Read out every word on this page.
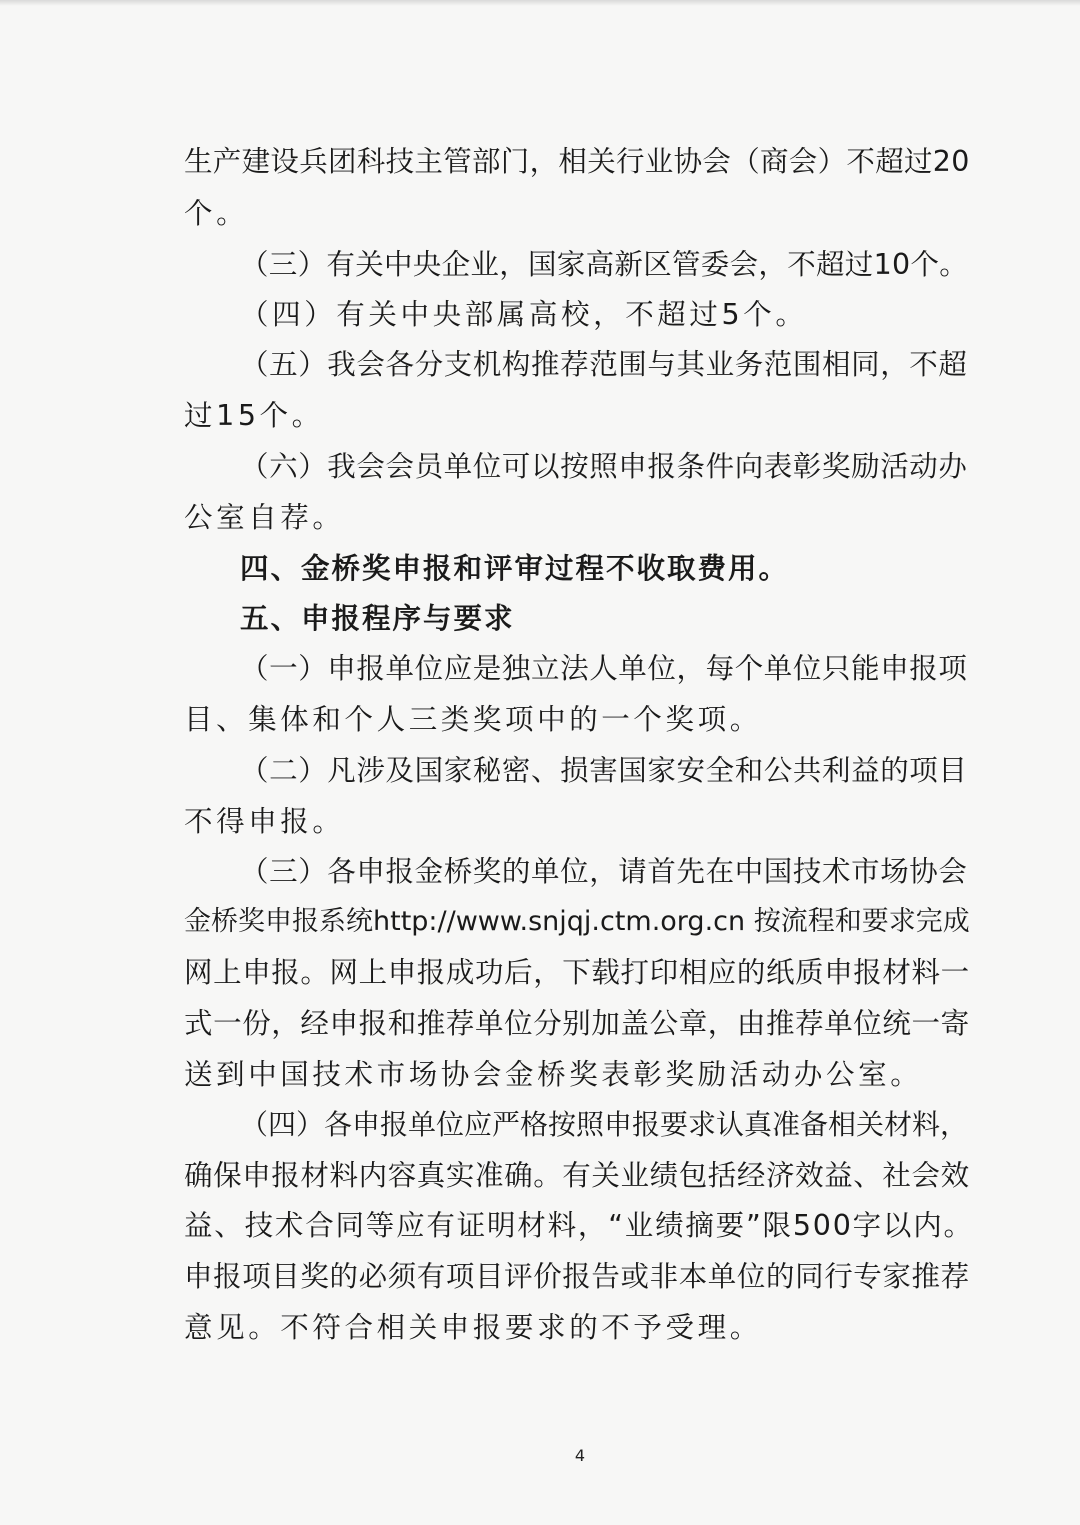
生产建设兵团科技主管部门，相关行业协会（商会）不超过20
个。
（三）有关中央企业，国家高新区管委会，不超过10个。
（四）有关中央部属高校，不超过5个。
（五）我会各分支机构推荐范围与其业务范围相同，不超
过15个。
（六）我会会员单位可以按照申报条件向表彰奖励活动办
公室自荐。
四、金桥奖申报和评审过程不收取费用。
五、申报程序与要求
（一）申报单位应是独立法人单位，每个单位只能申报项
目、集体和个人三类奖项中的一个奖项。
（二）凡涉及国家秘密、损害国家安全和公共利益的项目
不得申报。
（三）各申报金桥奖的单位，请首先在中国技术市场协会
金桥奖申报系统http://www.snjqj.ctm.org.cn 按流程和要求完成
网上申报。网上申报成功后，下载打印相应的纸质申报材料一
式一份，经申报和推荐单位分别加盖公章，由推荐单位统一寄
送到中国技术市场协会金桥奖表彰奖励活动办公室。
（四）各申报单位应严格按照申报要求认真准备相关材料，
确保申报材料内容真实准确。有关业绩包括经济效益、社会效
益、技术合同等应有证明材料，“业绩摘要”限500字以内。
申报项目奖的必须有项目评价报告或非本单位的同行专家推荐
意见。不符合相关申报要求的不予受理。
4
